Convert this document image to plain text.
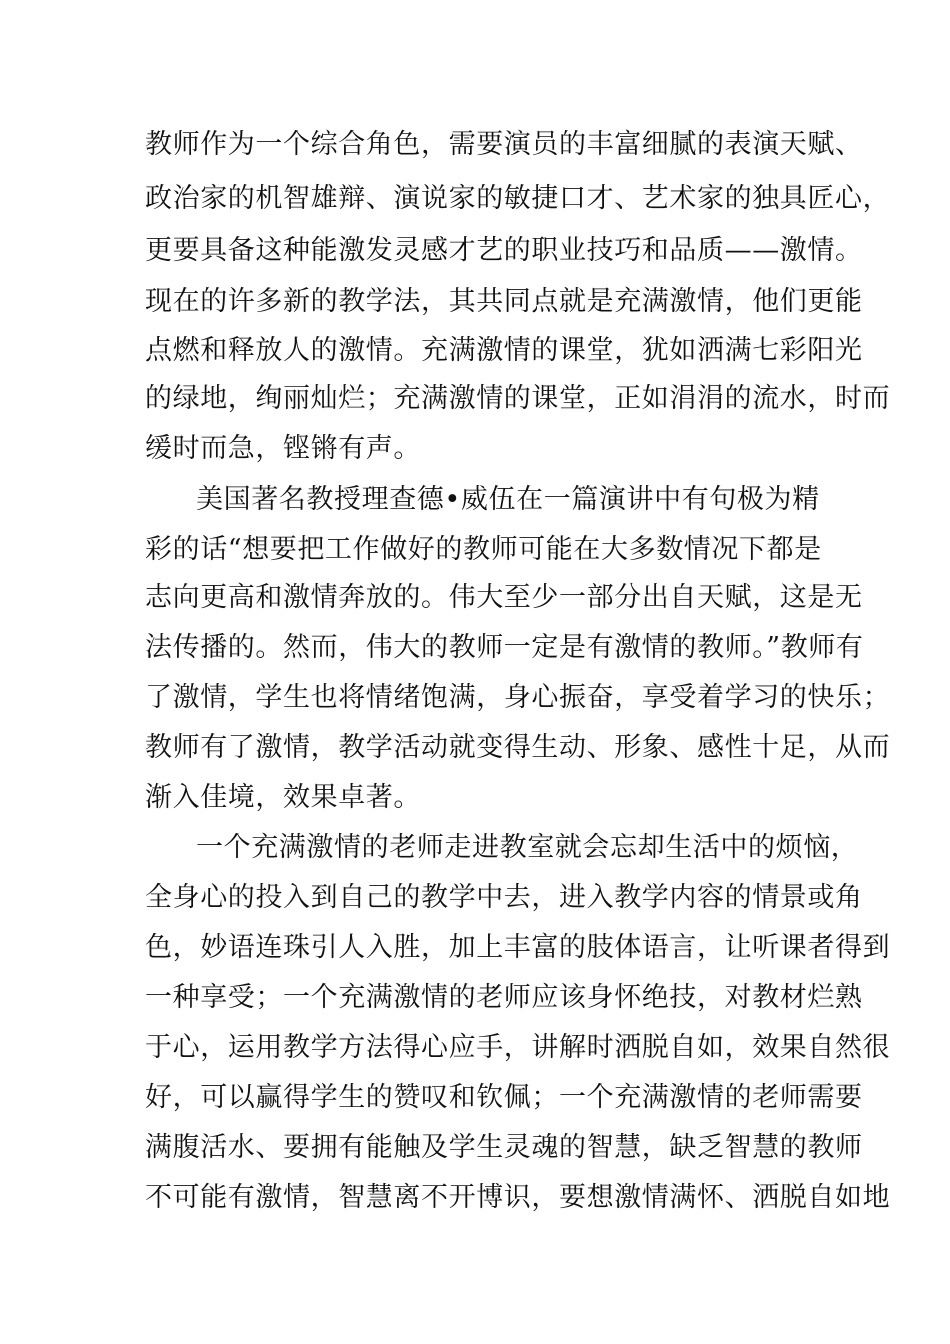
教师作为一个综合角色，需要演员的丰富细腻的表演天赋、
政治家的机智雄辩、演说家的敏捷口才、艺术家的独具匠心，
更要具备这种能激发灵感才艺的职业技巧和品质——激情。
现在的许多新的教学法，其共同点就是充满激情，他们更能
点燃和释放人的激情。充满激情的课堂，犹如洒满七彩阳光
的绿地，绚丽灿烂；充满激情的课堂，正如涓涓的流水，时而
缓时而急，铿锵有声。
美国著名教授理查德•威伍在一篇演讲中有句极为精
彩的话“想要把工作做好的教师可能在大多数情况下都是
志向更高和激情奔放的。伟大至少一部分出自天赋，这是无
法传播的。然而，伟大的教师一定是有激情的教师。”教师有
了激情，学生也将情绪饱满，身心振奋，享受着学习的快乐；
教师有了激情，教学活动就变得生动、形象、感性十足，从而
渐入佳境，效果卓著。
一个充满激情的老师走进教室就会忘却生活中的烦恼，
全身心的投入到自己的教学中去，进入教学内容的情景或角
色，妙语连珠引人入胜，加上丰富的肢体语言，让听课者得到
一种享受；一个充满激情的老师应该身怀绝技，对教材烂熟
于心，运用教学方法得心应手，讲解时洒脱自如，效果自然很
好，可以赢得学生的赞叹和钦佩；一个充满激情的老师需要
满腹活水、要拥有能触及学生灵魂的智慧，缺乏智慧的教师
不可能有激情，智慧离不开博识，要想激情满怀、洒脱自如地
